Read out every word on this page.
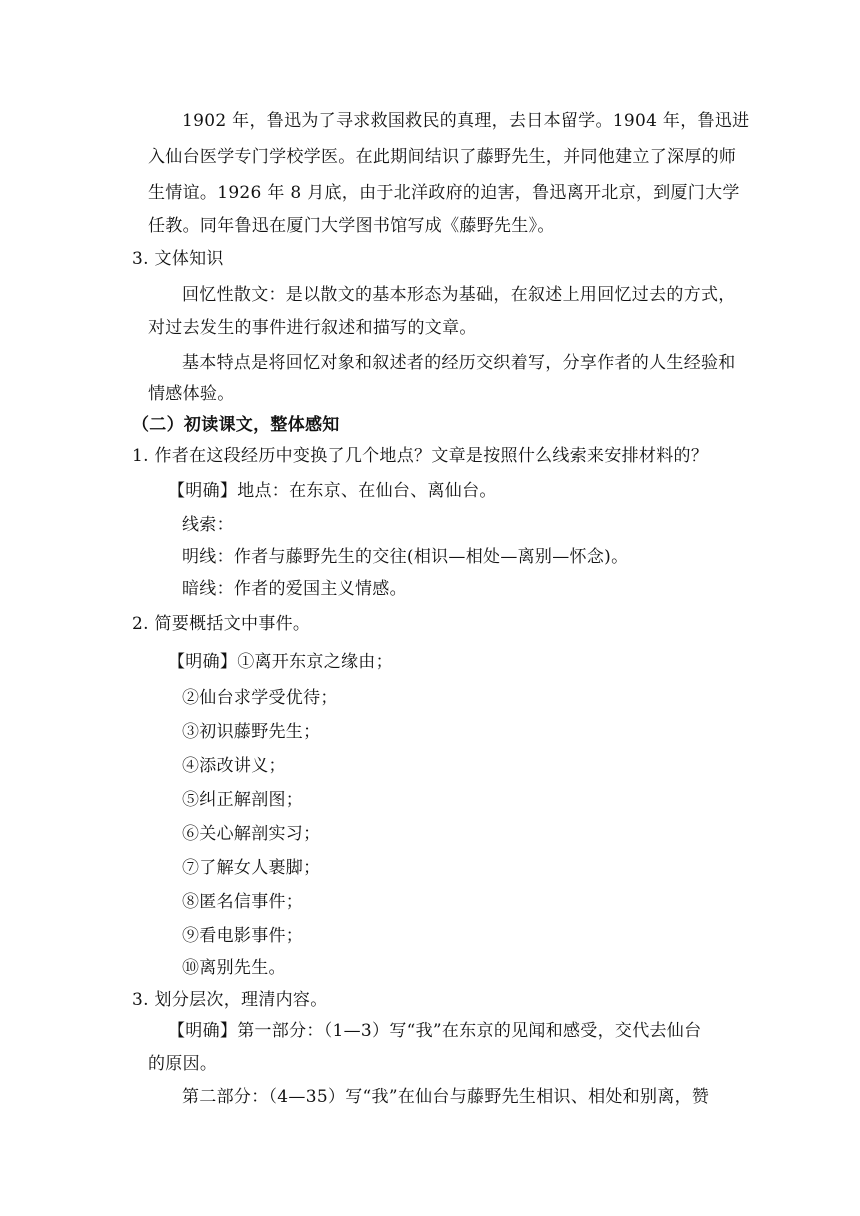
1902 年，鲁迅为了寻求救国救民的真理，去日本留学。1904 年，鲁迅进
入仙台医学专门学校学医。在此期间结识了藤野先生，并同他建立了深厚的师
生情谊。1926 年 8 月底，由于北洋政府的迫害，鲁迅离开北京，到厦门大学
任教。同年鲁迅在厦门大学图书馆写成《藤野先生》。
3. 文体知识
回忆性散文：是以散文的基本形态为基础，在叙述上用回忆过去的方式，
对过去发生的事件进行叙述和描写的文章。
基本特点是将回忆对象和叙述者的经历交织着写，分享作者的人生经验和
情感体验。
（二）初读课文，整体感知
1. 作者在这段经历中变换了几个地点？文章是按照什么线索来安排材料的？
【明确】地点：在东京、在仙台、离仙台。
线索：
明线：作者与藤野先生的交往(相识—相处—离别—怀念)。
暗线：作者的爱国主义情感。
2. 简要概括文中事件。
【明确】①离开东京之缘由；
②仙台求学受优待；
③初识藤野先生；
④添改讲义；
⑤纠正解剖图；
⑥关心解剖实习；
⑦了解女人裹脚；
⑧匿名信事件；
⑨看电影事件；
⑩离别先生。
3. 划分层次，理清内容。
【明确】第一部分：（1—3）写“我”在东京的见闻和感受，交代去仙台
的原因。
第二部分：（4—35）写“我”在仙台与藤野先生相识、相处和别离，赞
